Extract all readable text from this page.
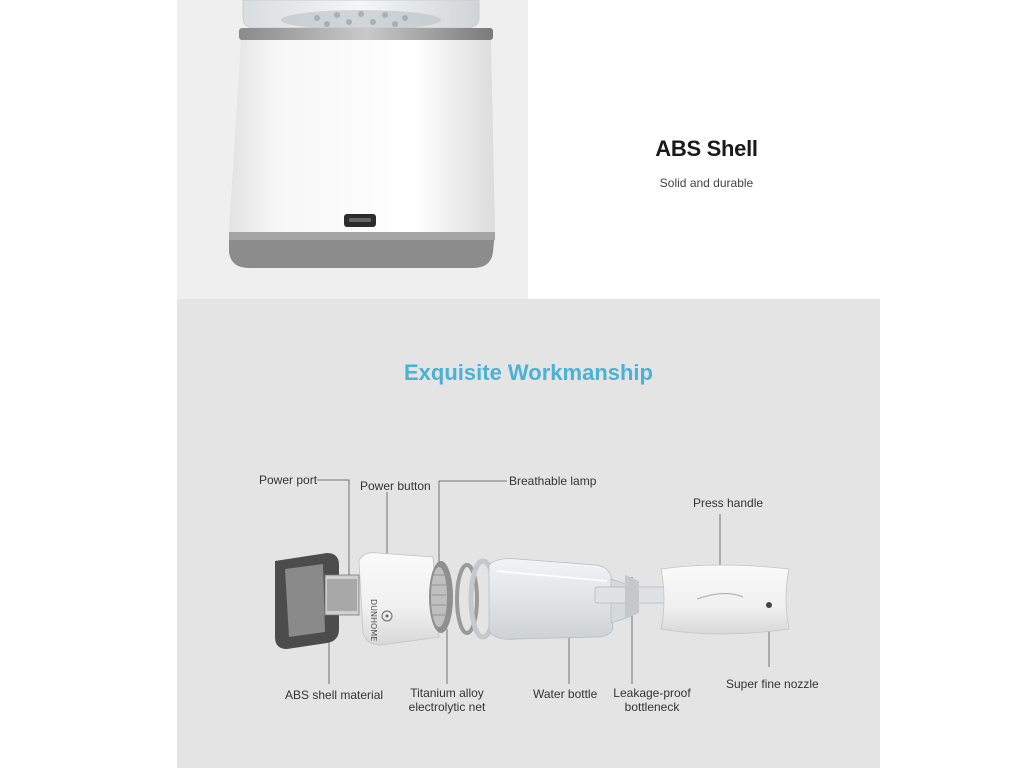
ABS Shell
Solid and durable
Exquisite Workmanship
DUNHOME
Power port	Power button	Breathable lamp
Press handle
ABS shell material	Titanium alloy
electrolytic net
Water bottle	Leakage-proof
bottleneck
Super fine nozzle
